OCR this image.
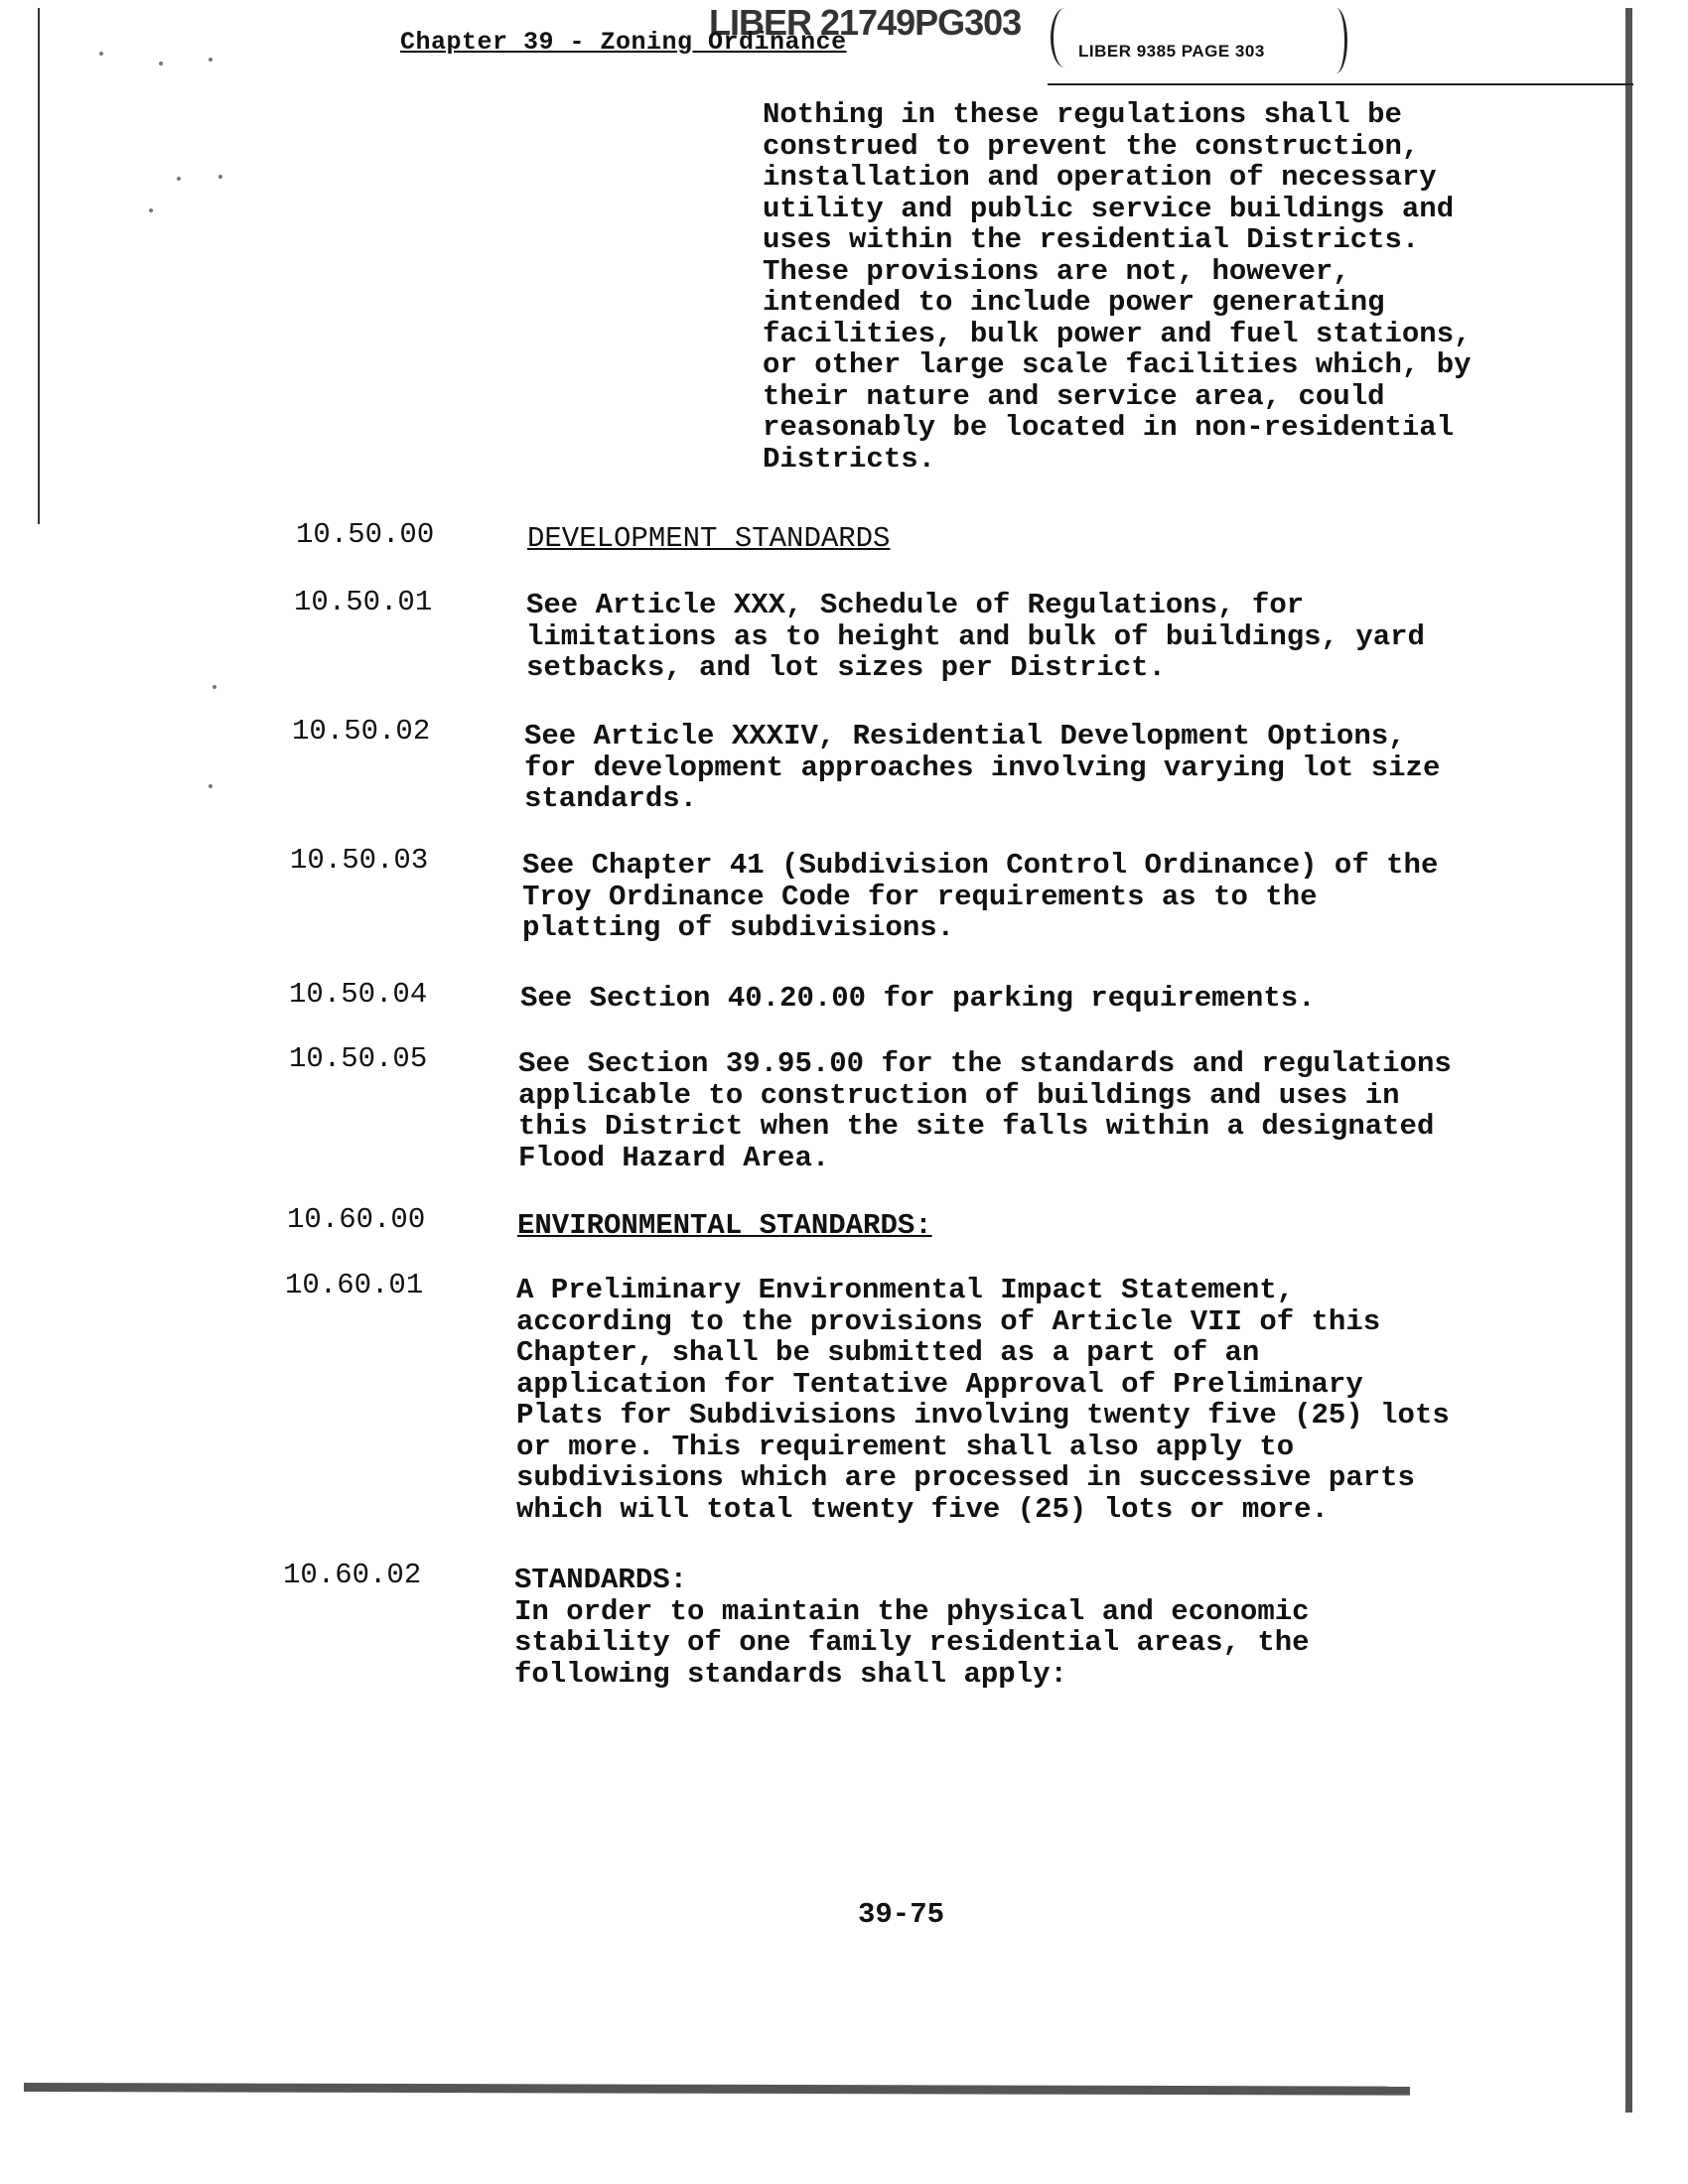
LIBER 21749PG303
Chapter 39 - Zoning Ordinance	LIBER 9385 PAGE 303
Nothing in these regulations shall be
construed to prevent the construction,
installation and operation of necessary
utility and public service buildings and
uses within the residential Districts.
These provisions are not, however,
intended to include power generating
facilities, bulk power and fuel stations,
or other large scale facilities which, by
their nature and service area, could
reasonably be located in non-residential
Districts.
10.50.00	DEVELOPMENT STANDARDS
10.50.01	See Article XXX, Schedule of Regulations, for
limitations as to height and bulk of buildings, yard
setbacks, and lot sizes per District.
10.50.02	See Article XXXIV, Residential Development Options,
for development approaches involving varying lot size
standards.
10.50.03	See Chapter 41 (Subdivision Control Ordinance) of the
Troy Ordinance Code for requirements as to the
platting of subdivisions.
10.50.04	See Section 40.20.00 for parking requirements.
10.50.05	See Section 39.95.00 for the standards and regulations
applicable to construction of buildings and uses in
this District when the site falls within a designated
Flood Hazard Area.
10.60.00	ENVIRONMENTAL STANDARDS:
10.60.01	A Preliminary Environmental Impact Statement,
according to the provisions of Article VII of this
Chapter, shall be submitted as a part of an
application for Tentative Approval of Preliminary
Plats for Subdivisions involving twenty five (25) lots
or more. This requirement shall also apply to
subdivisions which are processed in successive parts
which will total twenty five (25) lots or more.
10.60.02	STANDARDS:
In order to maintain the physical and economic
stability of one family residential areas, the
following standards shall apply:
39-75
